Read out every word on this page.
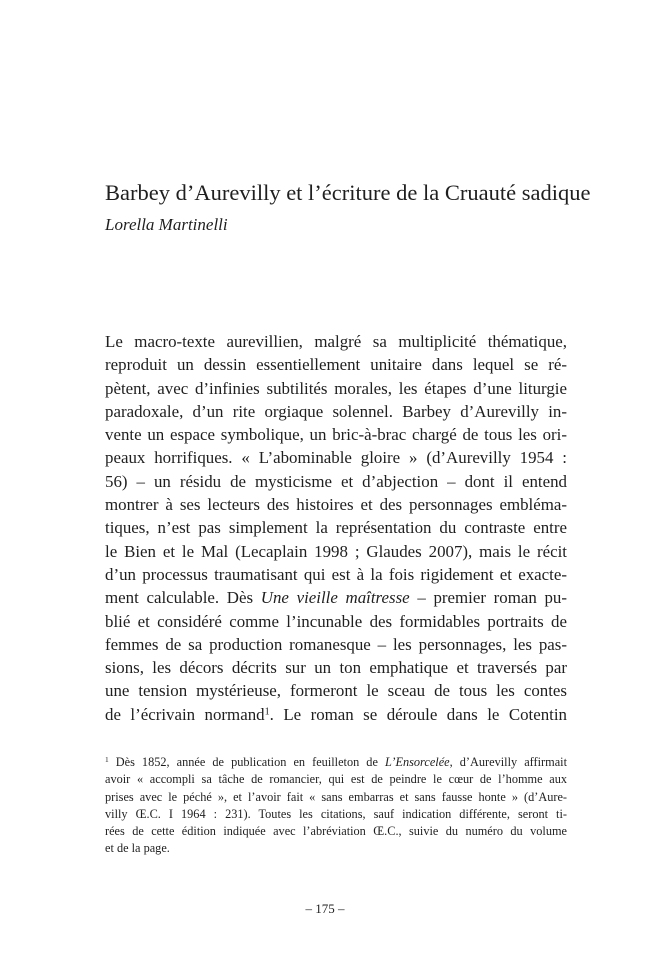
Barbey d’Aurevilly et l’écriture de la Cruauté sadique
Lorella Martinelli
Le macro-texte aurevillien, malgré sa multiplicité thématique,
reproduit un dessin essentiellement unitaire dans lequel se ré-
pètent, avec d’infinies subtilités morales, les étapes d’une liturgie
paradoxale, d’un rite orgiaque solennel. Barbey d’Aurevilly in-
vente un espace symbolique, un bric-à-brac chargé de tous les ori-
peaux horrifiques. « L’abominable gloire » (d’Aurevilly 1954 :
56) – un résidu de mysticisme et d’abjection – dont il entend
montrer à ses lecteurs des histoires et des personnages emblémа-
tiques, n’est pas simplement la représentation du contraste entre
le Bien et le Mal (Lecaplain 1998 ; Glaudes 2007), mais le récit
d’un processus traumatisant qui est à la fois rigidement et exacte-
ment calculable. Dès Une vieille maîtresse – premier roman pu-
blié et considéré comme l’incunable des formidables portraits de
femmes de sa production romanesque – les personnages, les pas-
sions, les décors décrits sur un ton emphatique et traversés par
une tension mystérieuse, formeront le sceau de tous les contes
de l’écrivain normand$^1$. Le roman se déroule dans le Cotentin
$^1$ Dès 1852, année de publication en feuilleton de L’Ensorcelée, d’Aurevilly affirmait
avoir « accompli sa tâche de romancier, qui est de peindre le cœur de l’homme aux
prises avec le péché », et l’avoir fait « sans embarras et sans fausse honte » (d’Aure-
villy Œ.C. I 1964 : 231). Toutes les citations, sauf indication différente, seront ti-
rées de cette édition indiquée avec l’abréviation Œ.C., suivie du numéro du volume
et de la page.
– 175 –
